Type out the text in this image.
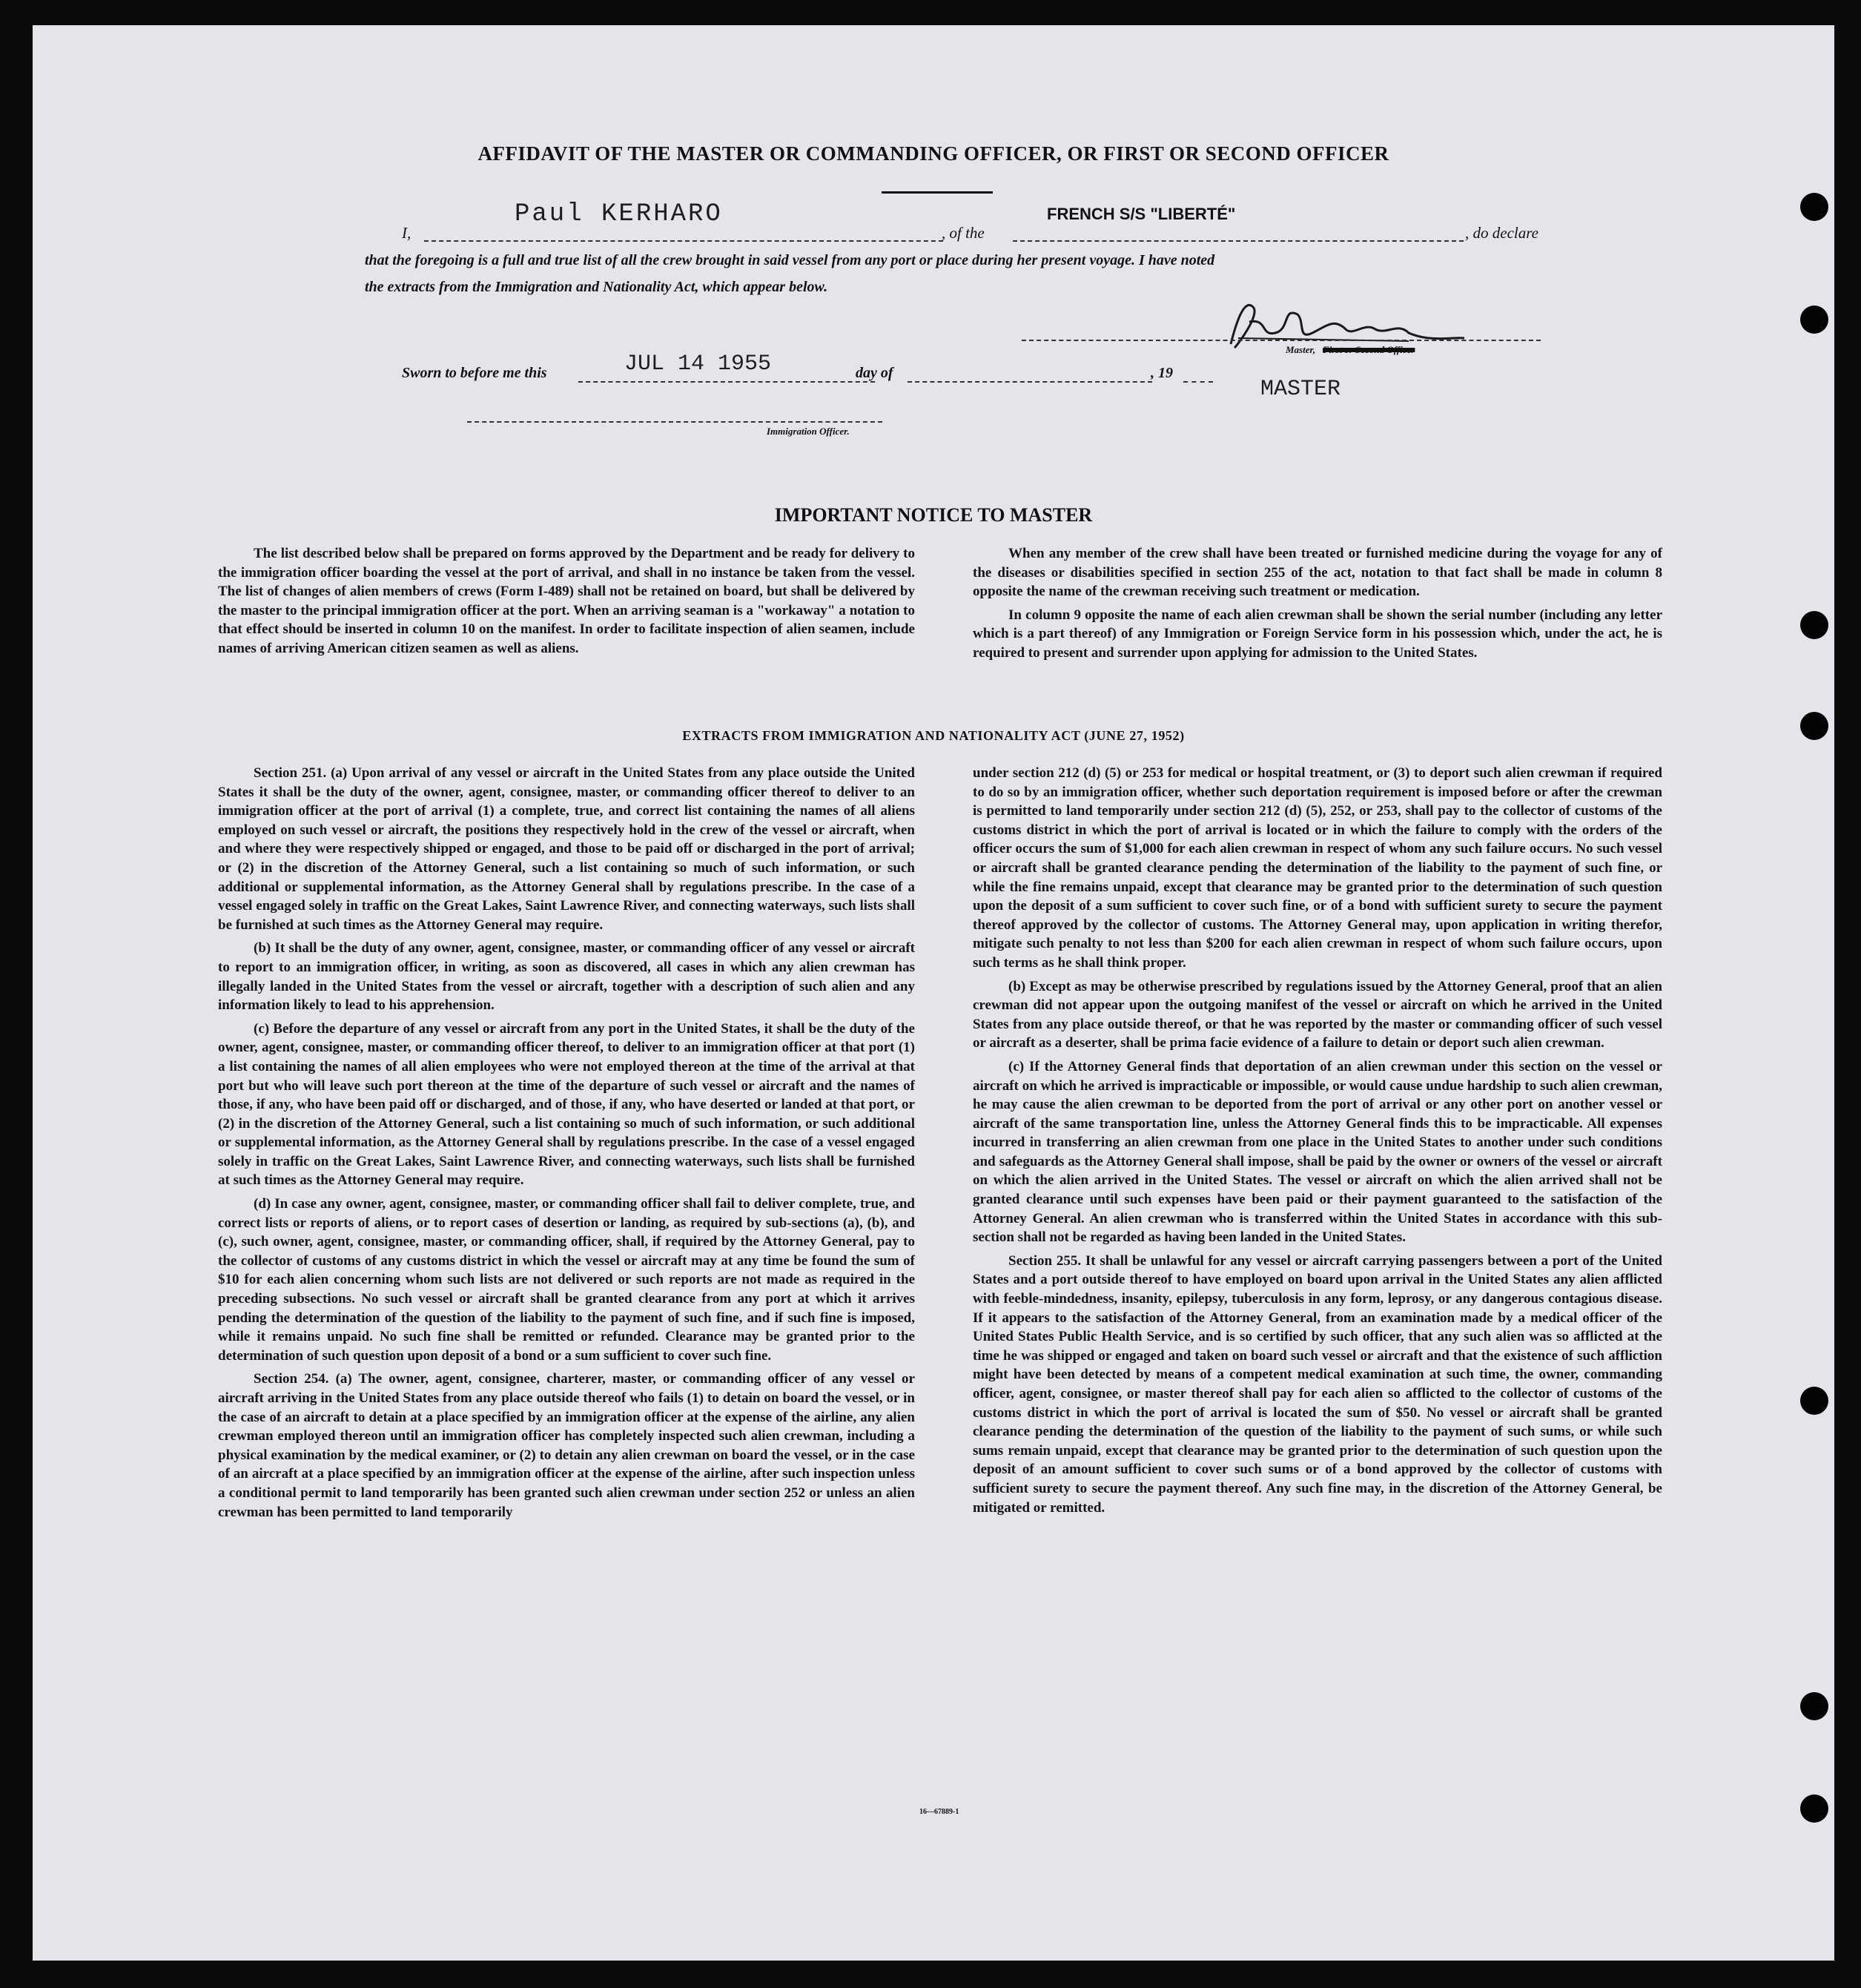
AFFIDAVIT OF THE MASTER OR COMMANDING OFFICER, OR FIRST OR SECOND OFFICER
Paul KERHARO
I,	, of the
FRENCH S/S "LIBERTÉ"
, do declare
that the foregoing is a full and true list of all the crew brought in said vessel from any port or place during her present voyage. I have noted
the extracts from the Immigration and Nationality Act, which appear below.
Master, First or Second Officer
Sworn to before me this	JUL 14 1955	day of	, 19
MASTER
Immigration Officer.
IMPORTANT NOTICE TO MASTER

The list described below shall be prepared on forms approved by the Department and be ready for delivery to the immigration officer boarding the vessel at the port of arrival, and shall in no instance be taken from the vessel. The list of changes of alien members of crews (Form I-489) shall not be retained on board, but shall be delivered by the master to the principal immigration officer at the port. When an arriving seaman is a "workaway" a notation to that effect should be inserted in column 10 on the manifest. In order to facilitate inspection of alien seamen, include names of arriving American citizen seamen as well as aliens.

When any member of the crew shall have been treated or furnished medicine during the voyage for any of the diseases or disabilities specified in section 255 of the act, notation to that fact shall be made in column 8 opposite the name of the crewman receiving such treatment or medication.

In column 9 opposite the name of each alien crewman shall be shown the serial number (including any letter which is a part thereof) of any Immigration or Foreign Service form in his possession which, under the act, he is required to present and surrender upon applying for admission to the United States.

EXTRACTS FROM IMMIGRATION AND NATIONALITY ACT (JUNE 27, 1952)

Section 251. (a) Upon arrival of any vessel or aircraft in the United States from any place outside the United States it shall be the duty of the owner, agent, consignee, master, or commanding officer thereof to deliver to an immigration officer at the port of arrival (1) a complete, true, and correct list containing the names of all aliens employed on such vessel or aircraft, the positions they respectively hold in the crew of the vessel or aircraft, when and where they were respectively shipped or engaged, and those to be paid off or discharged in the port of arrival; or (2) in the discretion of the Attorney General, such a list containing so much of such information, or such additional or supplemental information, as the Attorney General shall by regulations prescribe. In the case of a vessel engaged solely in traffic on the Great Lakes, Saint Lawrence River, and connecting waterways, such lists shall be furnished at such times as the Attorney General may require.

(b) It shall be the duty of any owner, agent, consignee, master, or commanding officer of any vessel or aircraft to report to an immigration officer, in writing, as soon as discovered, all cases in which any alien crewman has illegally landed in the United States from the vessel or aircraft, together with a description of such alien and any information likely to lead to his apprehension.

(c) Before the departure of any vessel or aircraft from any port in the United States, it shall be the duty of the owner, agent, consignee, master, or commanding officer thereof, to deliver to an immigration officer at that port (1) a list containing the names of all alien employees who were not employed thereon at the time of the arrival at that port but who will leave such port thereon at the time of the departure of such vessel or aircraft and the names of those, if any, who have been paid off or discharged, and of those, if any, who have deserted or landed at that port, or (2) in the discretion of the Attorney General, such a list containing so much of such information, or such additional or supplemental information, as the Attorney General shall by regulations prescribe. In the case of a vessel engaged solely in traffic on the Great Lakes, Saint Lawrence River, and connecting waterways, such lists shall be furnished at such times as the Attorney General may require.

(d) In case any owner, agent, consignee, master, or commanding officer shall fail to deliver complete, true, and correct lists or reports of aliens, or to report cases of desertion or landing, as required by sub-sections (a), (b), and (c), such owner, agent, consignee, master, or commanding officer, shall, if required by the Attorney General, pay to the collector of customs of any customs district in which the vessel or aircraft may at any time be found the sum of $10 for each alien concerning whom such lists are not delivered or such reports are not made as required in the preceding subsections. No such vessel or aircraft shall be granted clearance from any port at which it arrives pending the determination of the question of the liability to the payment of such fine, and if such fine is imposed, while it remains unpaid. No such fine shall be remitted or refunded. Clearance may be granted prior to the determination of such question upon deposit of a bond or a sum sufficient to cover such fine.

Section 254. (a) The owner, agent, consignee, charterer, master, or commanding officer of any vessel or aircraft arriving in the United States from any place outside thereof who fails (1) to detain on board the vessel, or in the case of an aircraft to detain at a place specified by an immigration officer at the expense of the airline, any alien crewman employed thereon until an immigration officer has completely inspected such alien crewman, including a physical examination by the medical examiner, or (2) to detain any alien crewman on board the vessel, or in the case of an aircraft at a place specified by an immigration officer at the expense of the airline, after such inspection unless a conditional permit to land temporarily has been granted such alien crewman under section 252 or unless an alien crewman has been permitted to land temporarily

under section 212 (d) (5) or 253 for medical or hospital treatment, or (3) to deport such alien crewman if required to do so by an immigration officer, whether such deportation requirement is imposed before or after the crewman is permitted to land temporarily under section 212 (d) (5), 252, or 253, shall pay to the collector of customs of the customs district in which the port of arrival is located or in which the failure to comply with the orders of the officer occurs the sum of $1,000 for each alien crewman in respect of whom any such failure occurs. No such vessel or aircraft shall be granted clearance pending the determination of the liability to the payment of such fine, or while the fine remains unpaid, except that clearance may be granted prior to the determination of such question upon the deposit of a sum sufficient to cover such fine, or of a bond with sufficient surety to secure the payment thereof approved by the collector of customs. The Attorney General may, upon application in writing therefor, mitigate such penalty to not less than $200 for each alien crewman in respect of whom such failure occurs, upon such terms as he shall think proper.

(b) Except as may be otherwise prescribed by regulations issued by the Attorney General, proof that an alien crewman did not appear upon the outgoing manifest of the vessel or aircraft on which he arrived in the United States from any place outside thereof, or that he was reported by the master or commanding officer of such vessel or aircraft as a deserter, shall be prima facie evidence of a failure to detain or deport such alien crewman.

(c) If the Attorney General finds that deportation of an alien crewman under this section on the vessel or aircraft on which he arrived is impracticable or impossible, or would cause undue hardship to such alien crewman, he may cause the alien crewman to be deported from the port of arrival or any other port on another vessel or aircraft of the same transportation line, unless the Attorney General finds this to be impracticable. All expenses incurred in transferring an alien crewman from one place in the United States to another under such conditions and safeguards as the Attorney General shall impose, shall be paid by the owner or owners of the vessel or aircraft on which the alien arrived in the United States. The vessel or aircraft on which the alien arrived shall not be granted clearance until such expenses have been paid or their payment guaranteed to the satisfaction of the Attorney General. An alien crewman who is transferred within the United States in accordance with this sub-section shall not be regarded as having been landed in the United States.

Section 255. It shall be unlawful for any vessel or aircraft carrying passengers between a port of the United States and a port outside thereof to have employed on board upon arrival in the United States any alien afflicted with feeble-mindedness, insanity, epilepsy, tuberculosis in any form, leprosy, or any dangerous contagious disease. If it appears to the satisfaction of the Attorney General, from an examination made by a medical officer of the United States Public Health Service, and is so certified by such officer, that any such alien was so afflicted at the time he was shipped or engaged and taken on board such vessel or aircraft and that the existence of such affliction might have been detected by means of a competent medical examination at such time, the owner, commanding officer, agent, consignee, or master thereof shall pay for each alien so afflicted to the collector of customs of the customs district in which the port of arrival is located the sum of $50. No vessel or aircraft shall be granted clearance pending the determination of the question of the liability to the payment of such sums, or while such sums remain unpaid, except that clearance may be granted prior to the determination of such question upon the deposit of an amount sufficient to cover such sums or of a bond approved by the collector of customs with sufficient surety to secure the payment thereof. Any such fine may, in the discretion of the Attorney General, be mitigated or remitted.

16—67889-1
